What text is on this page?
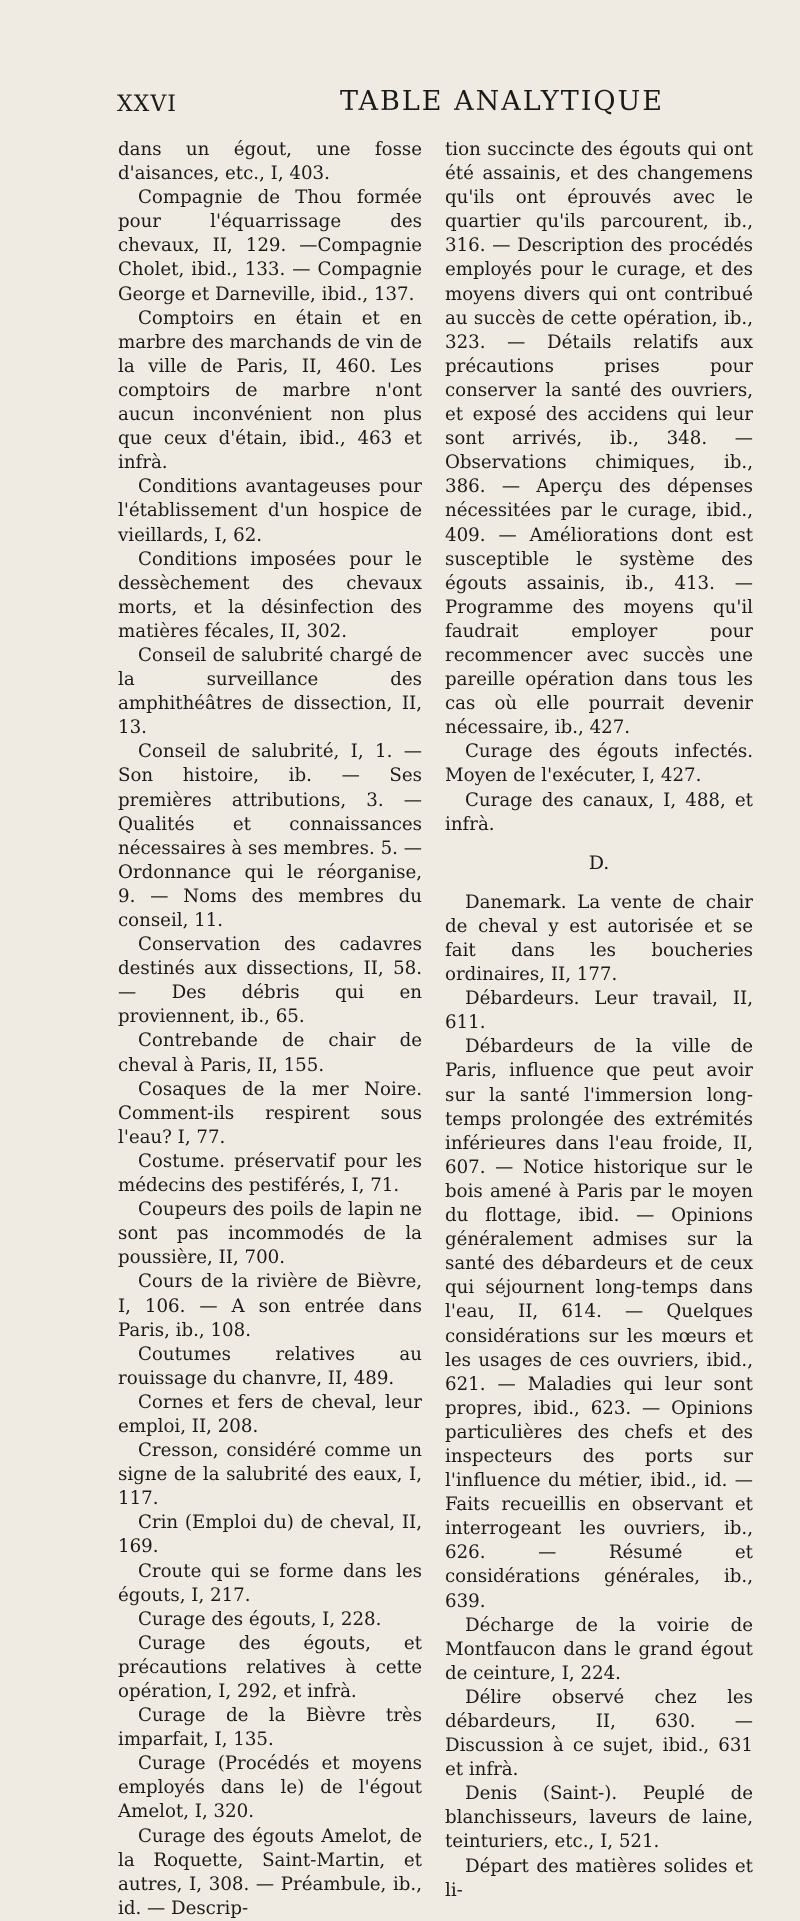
XXVI	TABLE ANALYTIQUE

dans un égout, une fosse d'aisances, etc., I, 403.

Compagnie de Thou formée pour l'équarrissage des chevaux, II, 129. —Compagnie Cholet, ibid., 133. — Compagnie George et Darneville, ibid., 137.

Comptoirs en étain et en marbre des marchands de vin de la ville de Paris, II, 460. Les comptoirs de marbre n'ont aucun inconvénient non plus que ceux d'étain, ibid., 463 et infrà.

Conditions avantageuses pour l'établissement d'un hospice de vieillards, I, 62.

Conditions imposées pour le dessèchement des chevaux morts, et la désinfection des matières fécales, II, 302.

Conseil de salubrité chargé de la surveillance des amphithéâtres de dissection, II, 13.

Conseil de salubrité, I, 1. — Son histoire, ib. — Ses premières attributions, 3. — Qualités et connaissances nécessaires à ses membres. 5. — Ordonnance qui le réorganise, 9. — Noms des membres du conseil, 11.

Conservation des cadavres destinés aux dissections, II, 58. — Des débris qui en proviennent, ib., 65.

Contrebande de chair de cheval à Paris, II, 155.

Cosaques de la mer Noire. Comment-ils respirent sous l'eau? I, 77.

Costume. préservatif pour les médecins des pestiférés, I, 71.

Coupeurs des poils de lapin ne sont pas incommodés de la poussière, II, 700.

Cours de la rivière de Bièvre, I, 106. — A son entrée dans Paris, ib., 108.

Coutumes relatives au rouissage du chanvre, II, 489.

Cornes et fers de cheval, leur emploi, II, 208.

Cresson, considéré comme un signe de la salubrité des eaux, I, 117.

Crin (Emploi du) de cheval, II, 169.

Croute qui se forme dans les égouts, I, 217.

Curage des égouts, I, 228.

Curage des égouts, et précautions relatives à cette opération, I, 292, et infrà.

Curage de la Bièvre très imparfait, I, 135.

Curage (Procédés et moyens employés dans le) de l'égout Amelot, I, 320.

Curage des égouts Amelot, de la Roquette, Saint-Martin, et autres, I, 308. — Préambule, ib., id. — Descrip-

tion succincte des égouts qui ont été assainis, et des changemens qu'ils ont éprouvés avec le quartier qu'ils parcourent, ib., 316. — Description des procédés employés pour le curage, et des moyens divers qui ont contribué au succès de cette opération, ib., 323. — Détails relatifs aux précautions prises pour conserver la santé des ouvriers, et exposé des accidens qui leur sont arrivés, ib., 348. — Observations chimiques, ib., 386. — Aperçu des dépenses nécessitées par le curage, ibid., 409. — Améliorations dont est susceptible le système des égouts assainis, ib., 413. — Programme des moyens qu'il faudrait employer pour recommencer avec succès une pareille opération dans tous les cas où elle pourrait devenir nécessaire, ib., 427.

Curage des égouts infectés. Moyen de l'exécuter, I, 427.

Curage des canaux, I, 488, et infrà.

D.

Danemark. La vente de chair de cheval y est autorisée et se fait dans les boucheries ordinaires, II, 177.

Débardeurs. Leur travail, II, 611.

Débardeurs de la ville de Paris, influence que peut avoir sur la santé l'immersion long-temps prolongée des extrémités inférieures dans l'eau froide, II, 607. — Notice historique sur le bois amené à Paris par le moyen du flottage, ibid. — Opinions généralement admises sur la santé des débardeurs et de ceux qui séjournent long-temps dans l'eau, II, 614. — Quelques considérations sur les mœurs et les usages de ces ouvriers, ibid., 621. — Maladies qui leur sont propres, ibid., 623. — Opinions particulières des chefs et des inspecteurs des ports sur l'influence du métier, ibid., id. — Faits recueillis en observant et interrogeant les ouvriers, ib., 626. — Résumé et considérations générales, ib., 639.

Décharge de la voirie de Montfaucon dans le grand égout de ceinture, I, 224.

Délire observé chez les débardeurs, II, 630. — Discussion à ce sujet, ibid., 631 et infrà.

Denis (Saint-). Peuplé de blanchisseurs, laveurs de laine, teinturiers, etc., I, 521.

Départ des matières solides et li-
